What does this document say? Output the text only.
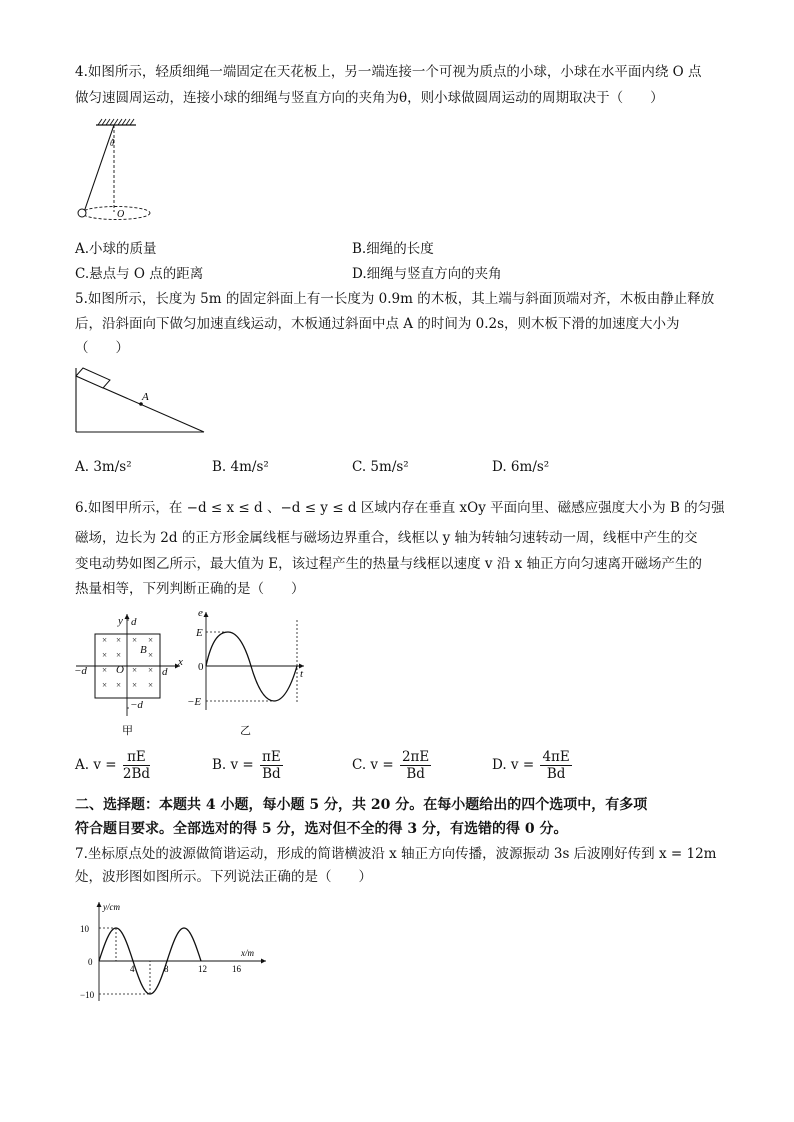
4.如图所示，轻质细绳一端固定在天花板上，另一端连接一个可视为质点的小球，小球在水平面内绕 O 点
做匀速圆周运动，连接小球的细绳与竖直方向的夹角为θ，则小球做圆周运动的周期取决于（　　）
θ
O
A.小球的质量	B.细绳的长度
C.悬点与 O 点的距离	D.细绳与竖直方向的夹角
5.如图所示，长度为 5m 的固定斜面上有一长度为 0.9m 的木板，其上端与斜面顶端对齐，木板由静止释放
后，沿斜面向下做匀加速直线运动，木板通过斜面中点 A 的时间为 0.2s，则木板下滑的加速度大小为
（　　）
A
A. 3m/s²	B. 4m/s²	C. 5m/s²	D. 6m/s²
6.如图甲所示，在 −d ≤ x ≤ d 、−d ≤ y ≤ d 区域内存在垂直 xOy 平面向里、磁感应强度大小为 B 的匀强
磁场，边长为 2d 的正方形金属线框与磁场边界重合，线框以 y 轴为转轴匀速转动一周，线框中产生的交
变电动势如图乙所示，最大值为 E，该过程产生的热量与线框以速度 v 沿 x 轴正方向匀速离开磁场产生的
热量相等，下列判断正确的是（　　）
× × × ×
× ×	×
×	× ×
× × × ×
y d
x
−d	d
−d
O
B
甲
e
E
0
−E
t
乙
A. $v = \frac{\pi E}{2Bd}$	B. $v = \frac{\pi E}{Bd}$	C. $v = \frac{2\pi E}{Bd}$	D. $v = \frac{4\pi E}{Bd}$
二、选择题：本题共 4 小题，每小题 5 分，共 20 分。在每小题给出的四个选项中，有多项
符合题目要求。全部选对的得 5 分，选对但不全的得 3 分，有选错的得 0 分。
7.坐标原点处的波源做简谐运动，形成的简谐横波沿 x 轴正方向传播，波源振动 3s 后波刚好传到 x = 12m
处，波形图如图所示。下列说法正确的是（　　）
y/cm
x/m
4	8	12	16
10
0
−10
